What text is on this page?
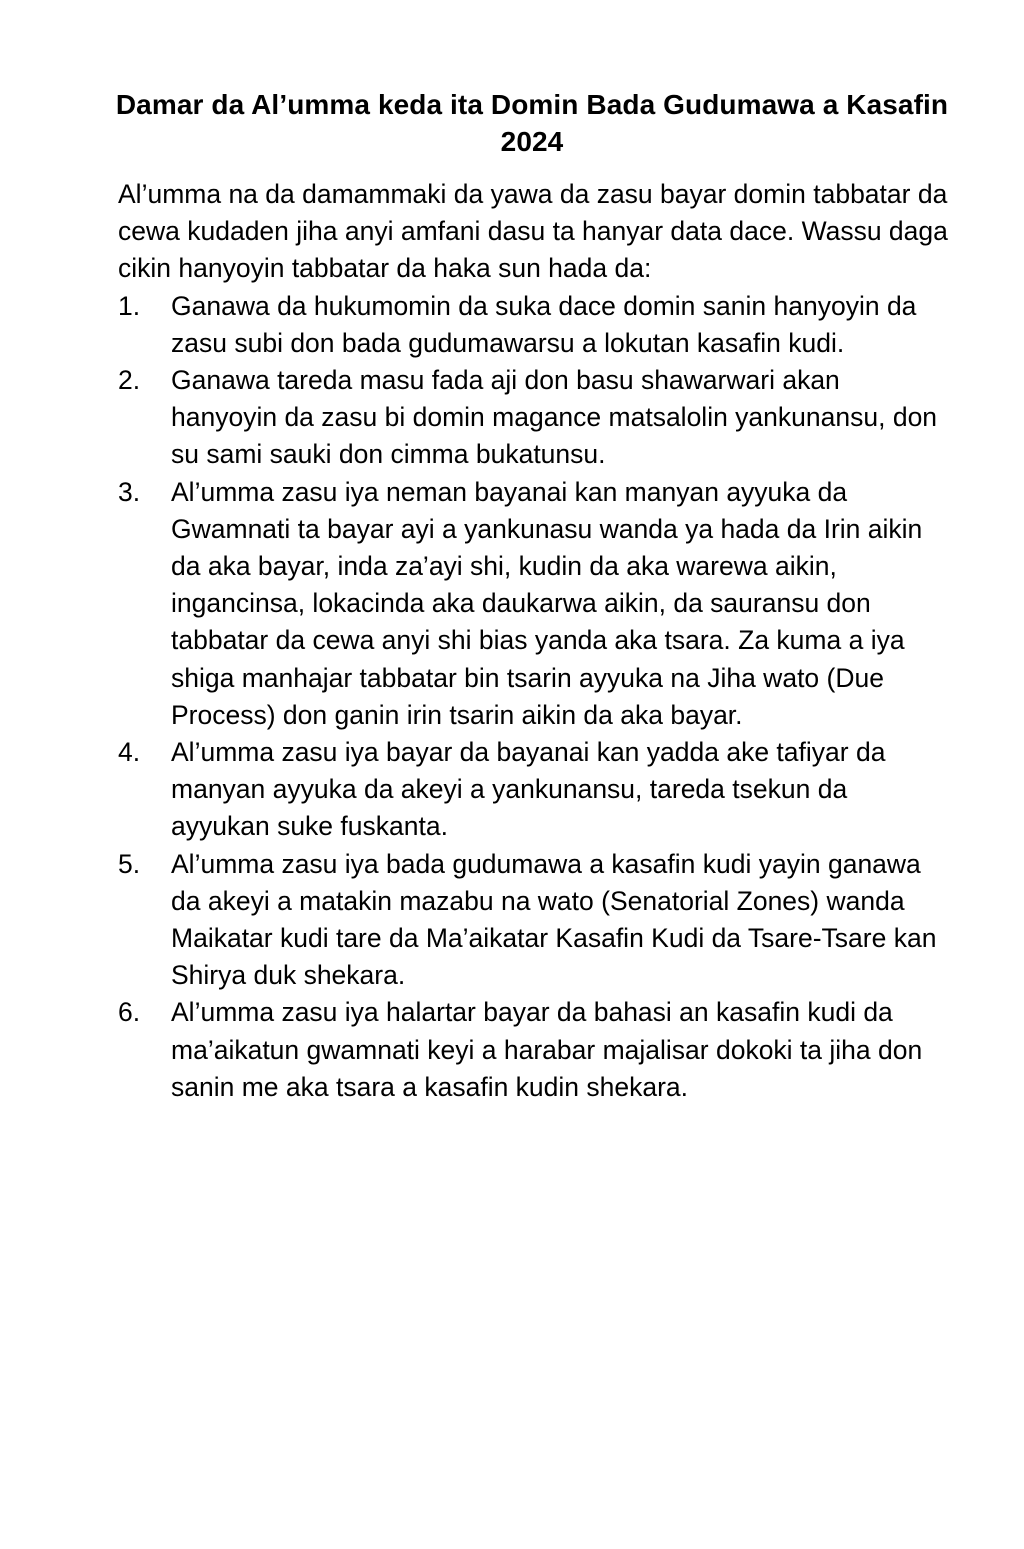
Damar da Al’umma keda ita Domin Bada Gudumawa a Kasafin 2024

Al’umma na da damammaki da yawa da zasu bayar domin tabbatar da cewa kudaden jiha anyi amfani dasu ta hanyar data dace. Wassu daga cikin hanyoyin tabbatar da haka sun hada da:

1. Ganawa da hukumomin da suka dace domin sanin hanyoyin da zasu subi don bada gudumawarsu a lokutan kasafin kudi.
2. Ganawa tareda masu fada aji don basu shawarwari akan hanyoyin da zasu bi domin magance matsalolin yankunansu, don su sami sauki don cimma bukatunsu.
3. Al’umma zasu iya neman bayanai kan manyan ayyuka da Gwamnati ta bayar ayi a yankunasu wanda ya hada da Irin aikin da aka bayar, inda za’ayi shi, kudin da aka warewa aikin, ingancinsa, lokacinda aka daukarwa aikin, da sauransu don tabbatar da cewa anyi shi bias yanda aka tsara. Za kuma a iya shiga manhajar tabbatar bin tsarin ayyuka na Jiha wato (Due Process) don ganin irin tsarin aikin da aka bayar.
4. Al’umma zasu iya bayar da bayanai kan yadda ake tafiyar da manyan ayyuka da akeyi a yankunansu, tareda tsekun da ayyukan suke fuskanta.
5. Al’umma zasu iya bada gudumawa a kasafin kudi yayin ganawa da akeyi a matakin mazabu na wato (Senatorial Zones) wanda Maikatar kudi tare da Ma’aikatar Kasafin Kudi da Tsare-Tsare kan Shirya duk shekara.
6. Al’umma zasu iya halartar bayar da bahasi an kasafin kudi da ma’aikatun gwamnati keyi a harabar majalisar dokoki ta jiha don sanin me aka tsara a kasafin kudin shekara.
